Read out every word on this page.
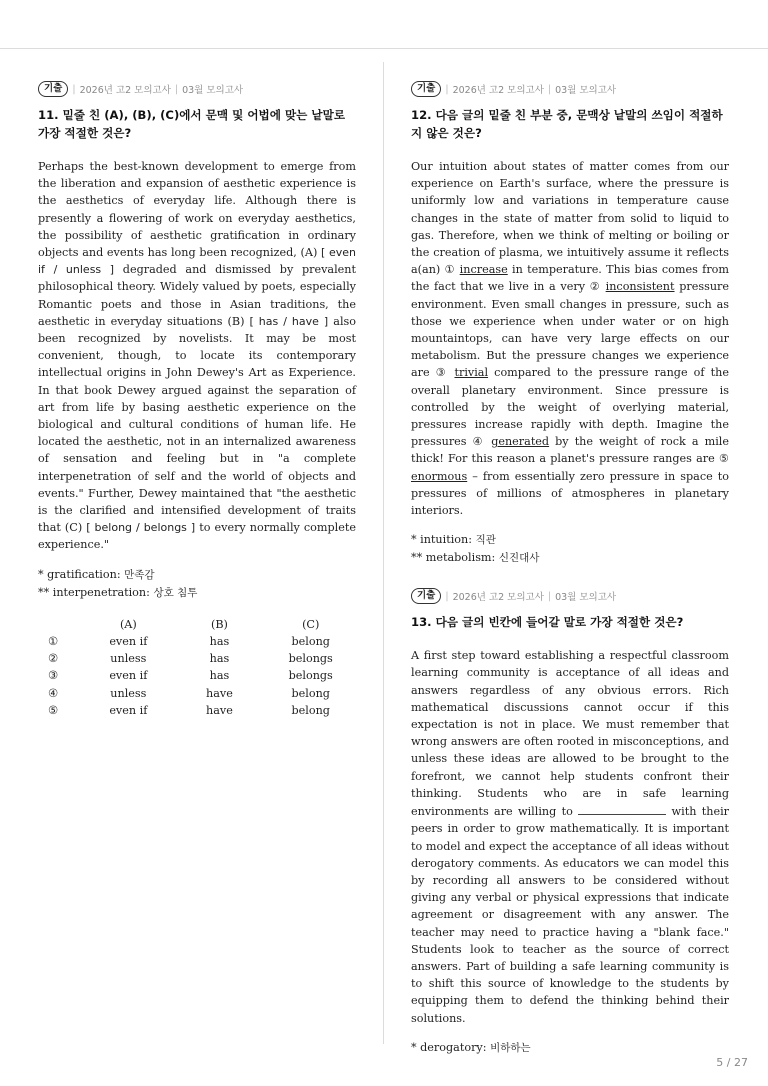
기출	| 2026년 고2 모의고사 | 03월 모의고사
11. 밑줄 친 (A), (B), (C)에서 문맥 및 어법에 맞는 낱말로 가장 적절한 것은?
Perhaps the best-known development to emerge from the liberation and expansion of aesthetic experience is the aesthetics of everyday life. Although there is presently a flowering of work on everyday aesthetics, the possibility of aesthetic gratification in ordinary objects and events has long been recognized, (A) [ even if / unless ] degraded and dismissed by prevalent philosophical theory. Widely valued by poets, especially Romantic poets and those in Asian traditions, the aesthetic in everyday situations (B) [ has / have ] also been recognized by novelists. It may be most convenient, though, to locate its contemporary intellectual origins in John Dewey's Art as Experience. In that book Dewey argued against the separation of art from life by basing aesthetic experience on the biological and cultural conditions of human life. He located the aesthetic, not in an internalized awareness of sensation and feeling but in "a complete interpenetration of self and the world of objects and events." Further, Dewey maintained that "the aesthetic is the clarified and intensified development of traits that (C) [ belong / belongs ] to every normally complete experience."
* gratification: 만족감
** interpenetration: 상호 침투
	(A)	(B)	(C)
①	even if	has	belong
②	unless	has	belongs
③	even if	has	belongs
④	unless	have	belong
⑤	even if	have	belong
기출	| 2026년 고2 모의고사 | 03월 모의고사
12. 다음 글의 밑줄 친 부분 중, 문맥상 낱말의 쓰임이 적절하지 않은 것은?
Our intuition about states of matter comes from our experience on Earth's surface, where the pressure is uniformly low and variations in temperature cause changes in the state of matter from solid to liquid to gas. Therefore, when we think of melting or boiling or the creation of plasma, we intuitively assume it reflects a(an) ① increase in temperature. This bias comes from the fact that we live in a very ② inconsistent pressure environment. Even small changes in pressure, such as those we experience when under water or on high mountaintops, can have very large effects on our metabolism. But the pressure changes we experience are ③ trivial compared to the pressure range of the overall planetary environment. Since pressure is controlled by the weight of overlying material, pressures increase rapidly with depth. Imagine the pressures ④ generated by the weight of rock a mile thick! For this reason a planet's pressure ranges are ⑤ enormous – from essentially zero pressure in space to pressures of millions of atmospheres in planetary interiors.
* intuition: 직관
** metabolism: 신진대사
기출	| 2026년 고2 모의고사 | 03월 모의고사
13. 다음 글의 빈칸에 들어갈 말로 가장 적절한 것은?
A first step toward establishing a respectful classroom learning community is acceptance of all ideas and answers regardless of any obvious errors. Rich mathematical discussions cannot occur if this expectation is not in place. We must remember that wrong answers are often rooted in misconceptions, and unless these ideas are allowed to be brought to the forefront, we cannot help students confront their thinking. Students who are in safe learning environments are willing to	with their peers in order to grow mathematically. It is important to model and expect the acceptance of all ideas without derogatory comments. As educators we can model this by recording all answers to be considered without giving any verbal or physical expressions that indicate agreement or disagreement with any answer. The teacher may need to practice having a "blank face." Students look to teacher as the source of correct answers. Part of building a safe learning community is to shift this source of knowledge to the students by equipping them to defend the thinking behind their solutions.
* derogatory: 비하하는
5 / 27
